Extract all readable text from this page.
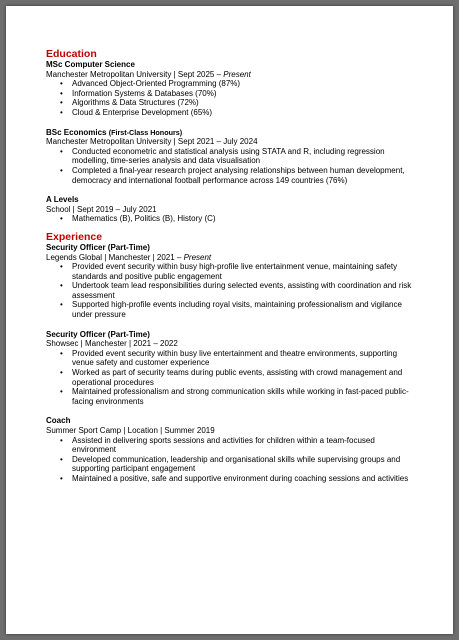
Education
MSc Computer Science
Manchester Metropolitan University | Sept 2025 – Present
• Advanced Object-Oriented Programming (87%)
• Information Systems & Databases (70%)
• Algorithms & Data Structures (72%)
• Cloud & Enterprise Development (65%)
BSc Economics (First-Class Honours)
Manchester Metropolitan University | Sept 2021 – July 2024
• Conducted econometric and statistical analysis using STATA and R, including regression modelling, time-series analysis and data visualisation
• Completed a final-year research project analysing relationships between human development, democracy and international football performance across 149 countries (76%)
A Levels
School | Sept 2019 – July 2021
• Mathematics (B), Politics (B), History (C)
Experience
Security Officer (Part-Time)
Legends Global | Manchester | 2021 – Present
• Provided event security within busy high-profile live entertainment venue, maintaining safety standards and positive public engagement
• Undertook team lead responsibilities during selected events, assisting with coordination and risk assessment
• Supported high-profile events including royal visits, maintaining professionalism and vigilance under pressure
Security Officer (Part-Time)
Showsec | Manchester | 2021 – 2022
• Provided event security within busy live entertainment and theatre environments, supporting venue safety and customer experience
• Worked as part of security teams during public events, assisting with crowd management and operational procedures
• Maintained professionalism and strong communication skills while working in fast-paced public-facing environments
Coach
Summer Sport Camp | Location | Summer 2019
• Assisted in delivering sports sessions and activities for children within a team-focused environment
• Developed communication, leadership and organisational skills while supervising groups and supporting participant engagement
• Maintained a positive, safe and supportive environment during coaching sessions and activities
